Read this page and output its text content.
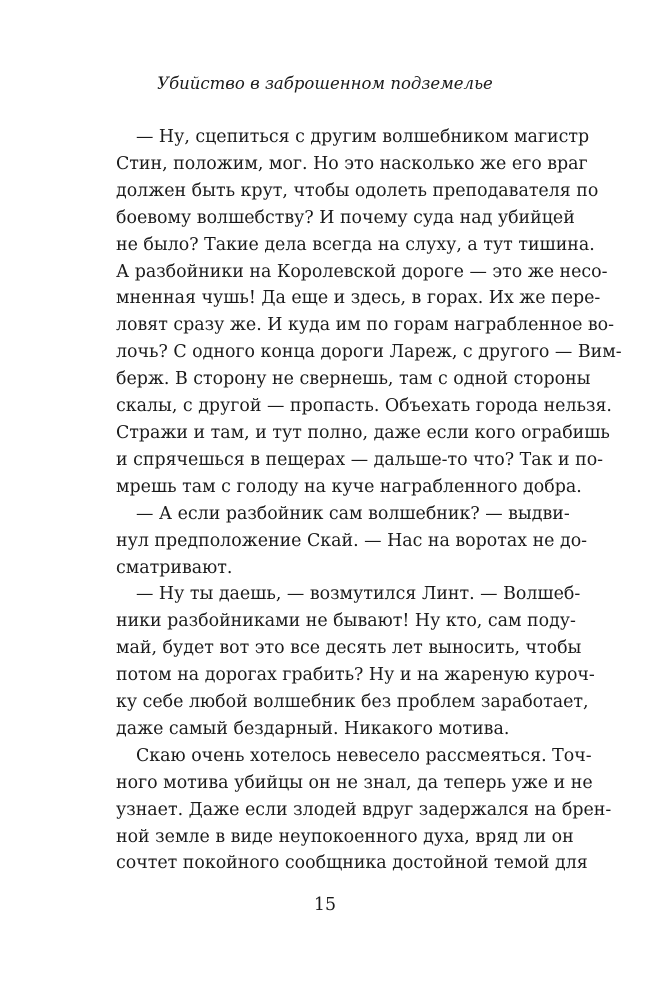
Убийство в заброшенном подземелье
— Ну, сцепиться с другим волшебником магистр
Стин, положим, мог. Но это насколько же его враг
должен быть крут, чтобы одолеть преподавателя по
боевому волшебству? И почему суда над убийцей
не было? Такие дела всегда на слуху, а тут тишина.
А разбойники на Королевской дороге — это же несо-
мненная чушь! Да еще и здесь, в горах. Их же пере-
ловят сразу же. И куда им по горам награбленное во-
лочь? С одного конца дороги Лареж, с другого — Вим-
берж. В сторону не свернешь, там с одной стороны
скалы, с другой — пропасть. Объехать города нельзя.
Стражи и там, и тут полно, даже если кого ограбишь
и спрячешься в пещерах — дальше-то что? Так и по-
мрешь там с голоду на куче награбленного добра.
— А если разбойник сам волшебник? — выдви-
нул предположение Скай. — Нас на воротах не до-
сматривают.
— Ну ты даешь, — возмутился Линт. — Волшеб-
ники разбойниками не бывают! Ну кто, сам поду-
май, будет вот это все десять лет выносить, чтобы
потом на дорогах грабить? Ну и на жареную куроч-
ку себе любой волшебник без проблем заработает,
даже самый бездарный. Никакого мотива.
Скаю очень хотелось невесело рассмеяться. Точ-
ного мотива убийцы он не знал, да теперь уже и не
узнает. Даже если злодей вдруг задержался на брен-
ной земле в виде неупокоенного духа, вряд ли он
сочтет покойного сообщника достойной темой для
15
